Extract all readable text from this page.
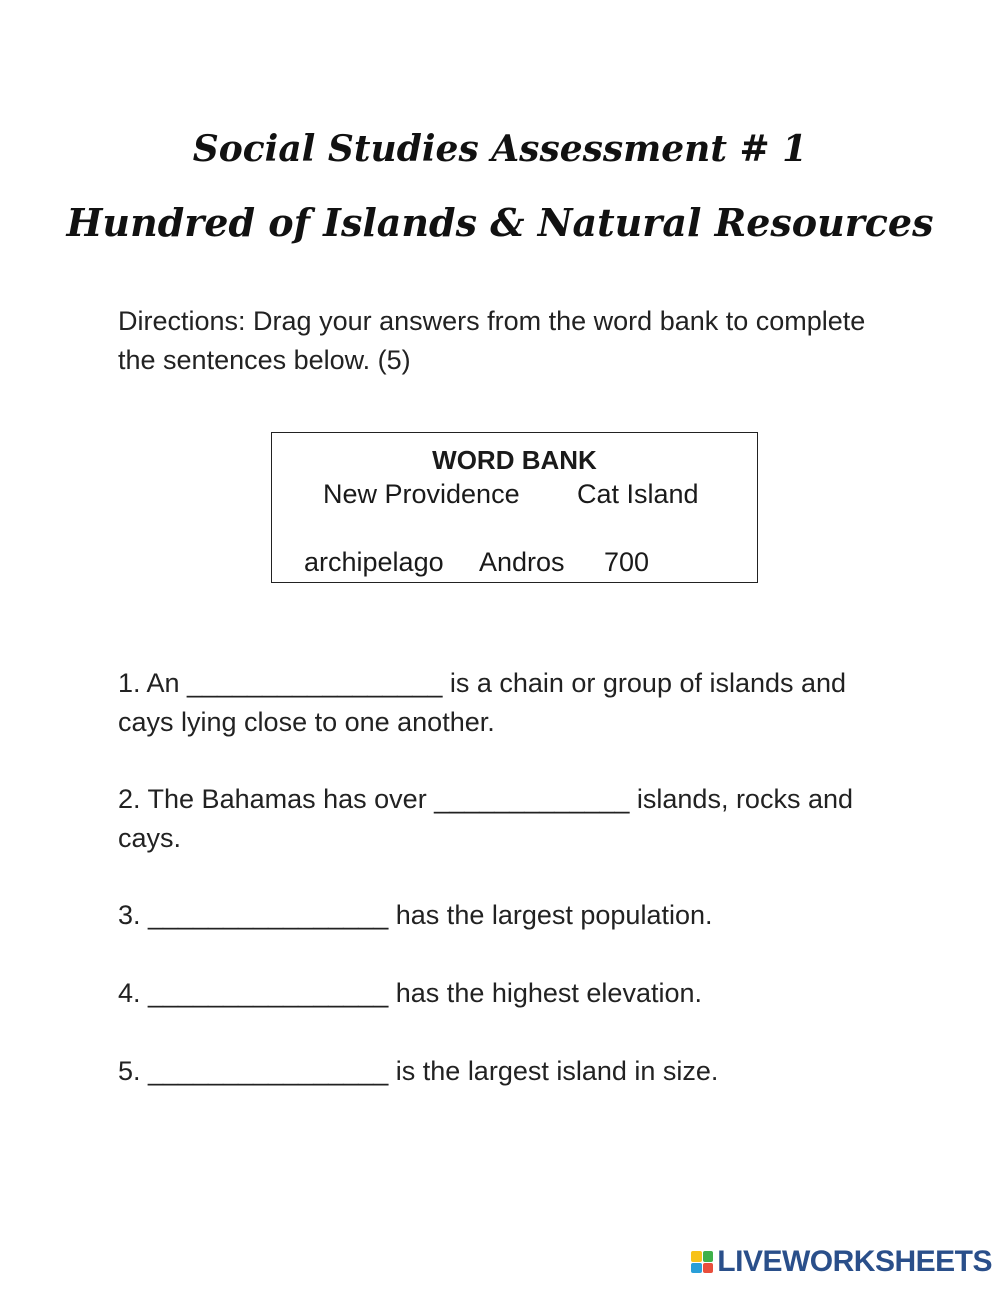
Social Studies Assessment # 1
Hundred of Islands & Natural Resources
Directions: Drag your answers from the word bank to complete the sentences below. (5)
WORD BANK
New Providence Cat Island
archipelago Andros 700
1. An _________________ is a chain or group of islands and cays lying close to one another.
2. The Bahamas has over _____________ islands, rocks and cays.
3. ________________ has the largest population.
4. ________________ has the highest elevation.
5. ________________ is the largest island in size.
LIVEWORKSHEETS
